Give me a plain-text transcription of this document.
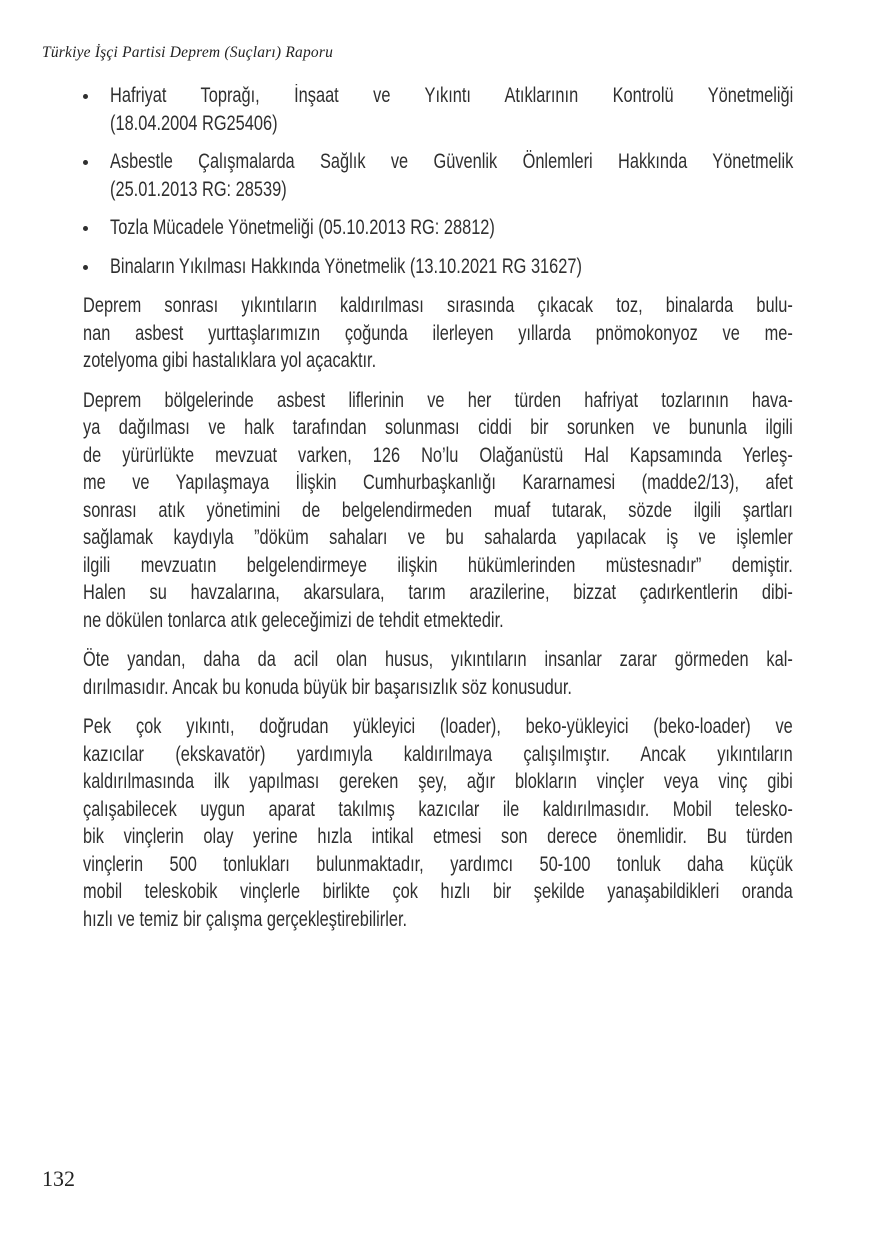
Türkiye İşçi Partisi Deprem (Suçları) Raporu
Hafriyat Toprağı, İnşaat ve Yıkıntı Atıklarının Kontrolü Yönetmeliği
(18.04.2004 RG25406)
Asbestle Çalışmalarda Sağlık ve Güvenlik Önlemleri Hakkında Yönetmelik
(25.01.2013 RG: 28539)
Tozla Mücadele Yönetmeliği (05.10.2013 RG: 28812)
Binaların Yıkılması Hakkında Yönetmelik (13.10.2021 RG 31627)
Deprem sonrası yıkıntıların kaldırılması sırasında çıkacak toz, binalarda bulu-
nan asbest yurttaşlarımızın çoğunda ilerleyen yıllarda pnömokonyoz ve me-
zotelyoma gibi hastalıklara yol açacaktır.
Deprem bölgelerinde asbest liflerinin ve her türden hafriyat tozlarının hava-
ya dağılması ve halk tarafından solunması ciddi bir sorunken ve bununla ilgili
de yürürlükte mevzuat varken, 126 No’lu Olağanüstü Hal Kapsamında Yerleş-
me ve Yapılaşmaya İlişkin Cumhurbaşkanlığı Kararnamesi (madde2/13), afet
sonrası atık yönetimini de belgelendirmeden muaf tutarak, sözde ilgili şartları
sağlamak kaydıyla ”döküm sahaları ve bu sahalarda yapılacak iş ve işlemler
ilgili mevzuatın belgelendirmeye ilişkin hükümlerinden müstesnadır” demiştir.
Halen su havzalarına, akarsulara, tarım arazilerine, bizzat çadırkentlerin dibi-
ne dökülen tonlarca atık geleceğimizi de tehdit etmektedir.
Öte yandan, daha da acil olan husus, yıkıntıların insanlar zarar görmeden kal-
dırılmasıdır. Ancak bu konuda büyük bir başarısızlık söz konusudur.
Pek çok yıkıntı, doğrudan yükleyici (loader), beko-yükleyici (beko-loader) ve
kazıcılar (ekskavatör) yardımıyla kaldırılmaya çalışılmıştır. Ancak yıkıntıların
kaldırılmasında ilk yapılması gereken şey, ağır blokların vinçler veya vinç gibi
çalışabilecek uygun aparat takılmış kazıcılar ile kaldırılmasıdır. Mobil telesko-
bik vinçlerin olay yerine hızla intikal etmesi son derece önemlidir. Bu türden
vinçlerin 500 tonlukları bulunmaktadır, yardımcı 50-100 tonluk daha küçük
mobil teleskobik vinçlerle birlikte çok hızlı bir şekilde yanaşabildikleri oranda
hızlı ve temiz bir çalışma gerçekleştirebilirler.
132
